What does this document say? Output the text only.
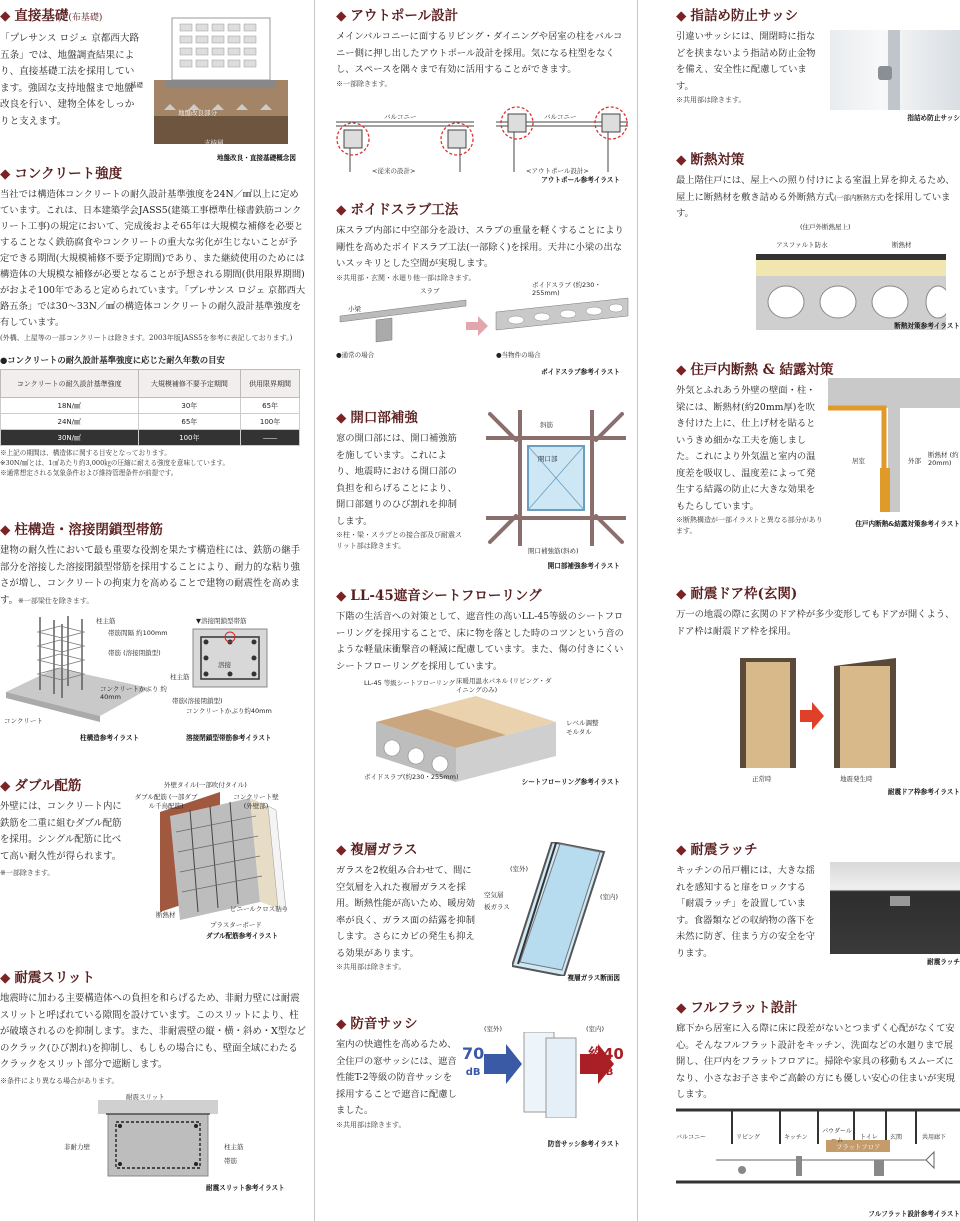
◆ 直接基礎(布基礎)

「プレサンス ロジェ 京都西大路五条」では、地盤調査結果により、直接基礎工法を採用しています。強固な支持地盤まで地盤改良を行い、建物全体をしっかりと支えます。

基礎
地盤改良部分
支持層
地盤改良・直接基礎概念図
◆ コンクリート強度

当社では構造体コンクリートの耐久設計基準強度を24N／㎟以上に定めています。これは、日本建築学会JASS5(建築工事標準仕様書鉄筋コンクリート工事)の規定において、完成後およそ65年は大規模な補修を必要とすることなく鉄筋腐食やコンクリートの重大な劣化が生じないことが予定できる期間(大規模補修不要予定期間)であり、また継続使用のためには構造体の大規模な補修が必要となることが予想される期間(供用限界期間)がおよそ100年であると定められています。「プレサンス ロジェ 京都西大路五条」では30～33N／㎟の構造体コンクリートの耐久設計基準強度を有しています。

(外構、上屋等の一部コンクリートは除きます。2003年版JASS5を参考に表記しております。)
●コンクリートの耐久設計基準強度に応じた耐久年数の目安
コンクリートの耐久設計基準強度	大規模補修不要予定期間	供用限界期間
18N/㎟	30年	65年
24N/㎟	65年	100年
30N/㎟	100年	――
※上記の期間は、構造体に関する目安となっております。
※30N/㎟とは、1㎠あたり約3,000㎏の圧縮に耐える強度を意味しています。
※通常想定される気象条件および維持管理条件が前提です。
◆ 柱構造・溶接閉鎖型帯筋

建物の耐久性において最も重要な役割を果たす構造柱には、鉄筋の継手部分を溶接した溶接閉鎖型帯筋を採用することにより、耐力的な粘り強さが増し、コンクリートの拘束力を高めることで建物の耐震性を高めます。※一部梁仕を除きます。

柱主筋
帯筋間隔 約100mm
帯筋 (溶接閉鎖型)
コンクリートかぶり 約40mm
コンクリート
▼溶接閉鎖型帯筋
溶接
柱主筋
帯筋(溶接閉鎖型)
コンクリートかぶり約40mm
柱構造参考イラスト	溶接閉鎖型帯筋参考イラスト
◆ ダブル配筋

外壁には、コンクリート内に鉄筋を二重に組むダブル配筋を採用。シングル配筋に比べて高い耐久性が得られます。※一部除きます。

外壁タイル(一部吹付タイル)
ダブル配筋 (一部ダブル千鳥配筋)
コンクリート壁 (外壁部)
断熱材
ビニールクロス貼り
プラスターボード
ダブル配筋参考イラスト
◆ 耐震スリット

地震時に加わる主要構造体への負担を和らげるため、非耐力壁には耐震スリットと呼ばれている隙間を設けています。このスリットにより、柱が破壊されるのを抑制します。また、非耐震壁の縦・横・斜め・X型などのクラック(ひび割れ)を抑制し、もしもの場合にも、壁面全域にわたるクラックをスリット部分で遮断します。

※条件により異なる場合があります。
耐震スリット
非耐力壁	柱主筋
帯筋
耐震スリット参考イラスト
◆ アウトポール設計

メインバルコニーに面するリビング・ダイニングや居室の柱をバルコニー側に押し出したアウトポール設計を採用。気になる柱型をなくし、スペースを隅々まで有効に活用することができます。

※一部除きます。
バルコニー	バルコニー
<従来の設計>	<アウトポール設計>
アウトポール参考イラスト
◆ ボイドスラブ工法

床スラブ内部に中空部分を設け、スラブの重量を軽くすることにより剛性を高めたボイドスラブ工法(一部除く)を採用。天井に小梁の出ないスッキリとした空間が実現します。

※共用部・玄関・水廻り他一部は除きます。
スラブ
小梁
ボイドスラブ (約230・255mm)
●通常の場合	●当物件の場合
ボイドスラブ参考イラスト
◆ 開口部補強

窓の開口部には、開口補強筋を施しています。これにより、地震時における開口部の負担を和らげることにより、開口部廻りのひび割れを抑制します。

※柱・梁・スラブとの接合部及び耐震スリット部は除きます。
斜筋
開口部
開口補強筋(斜め)
開口部補強参考イラスト
◆ LL-45遮音シートフローリング

下階の生活音への対策として、遮音性の高いLL-45等級のシートフローリングを採用することで、床に物を落とした時のコツンという音のような軽量床衝撃音の軽減に配慮しています。また、傷の付きにくいシートフローリングを採用しています。

LL-45 等級シートフローリング 床暖用温水パネル (リビング・ダイニングのみ)
レベル調整 モルタル
ボイドスラブ(約230・255mm)
シートフローリング参考イラスト
◆ 複層ガラス

ガラスを2枚組み合わせて、間に空気層を入れた複層ガラスを採用。断熱性能が高いため、暖房効率が良く、ガラス面の結露を抑制します。さらにカビの発生も抑える効果があります。

※共用部は除きます。
(室外)
空気層
板ガラス
(室内)
複層ガラス断面図
◆ 防音サッシ

室内の快適性を高めるため、全住戸の窓サッシには、遮音性能T-2等級の防音サッシを採用することで遮音に配慮しました。

※共用部は除きます。
(室外)	(室内)
70
dB
約40
dB
防音サッシ参考イラスト
◆ 指詰め防止サッシ

引違いサッシには、開閉時に指などを挟まないよう指詰め防止金物を備え、安全性に配慮しています。

※共用部は除きます。
指詰め防止サッシ
◆ 断熱対策

最上階住戸には、屋上への照り付けによる室温上昇を抑えるため、屋上に断熱材を敷き詰める外断熱方式(一部内断熱方式)を採用しています。

(住戸外断熱屋上)
アスファルト防水	断熱材
断熱対策参考イラスト
◆ 住戸内断熱 & 結露対策

外気とふれあう外壁の壁面・柱・梁には、断熱材(約20mm厚)を吹き付けた上に、仕上げ材を貼るというきめ細かな工夫を施しました。これにより外気温と室内の温度差を吸収し、温度差によって発生する結露の防止に大きな効果をもたらしています。

※断熱構造が一部イラストと異なる部分があります。
居室	外部
断熱材 (約20mm)
住戸内断熱&結露対策参考イラスト
◆ 耐震ドア枠(玄関)

万一の地震の際に玄関のドア枠が多少変形してもドアが開くよう、ドア枠は耐震ドア枠を採用。

正常時	地震発生時
耐震ドア枠参考イラスト
◆ 耐震ラッチ

キッチンの吊戸棚には、大きな揺れを感知すると扉をロックする「耐震ラッチ」を設置しています。食器類などの収納物の落下を未然に防ぎ、住まう方の安全を守ります。

耐震ラッチ
◆ フルフラット設計

廊下から居室に入る際に床に段差がないとつまずく心配がなくて安心。そんなフルフラット設計をキッチン、洗面などの水廻りまで展開し、住戸内をフラットフロアに。掃除や家具の移動もスムーズになり、小さなお子さまやご高齢の方にも優しい安心の住まいが実現します。

バルコニー	リビング	キッチン
パウダールーム	トイレ 玄関	共用廊下
フラットフロア
フルフラット設計参考イラスト
